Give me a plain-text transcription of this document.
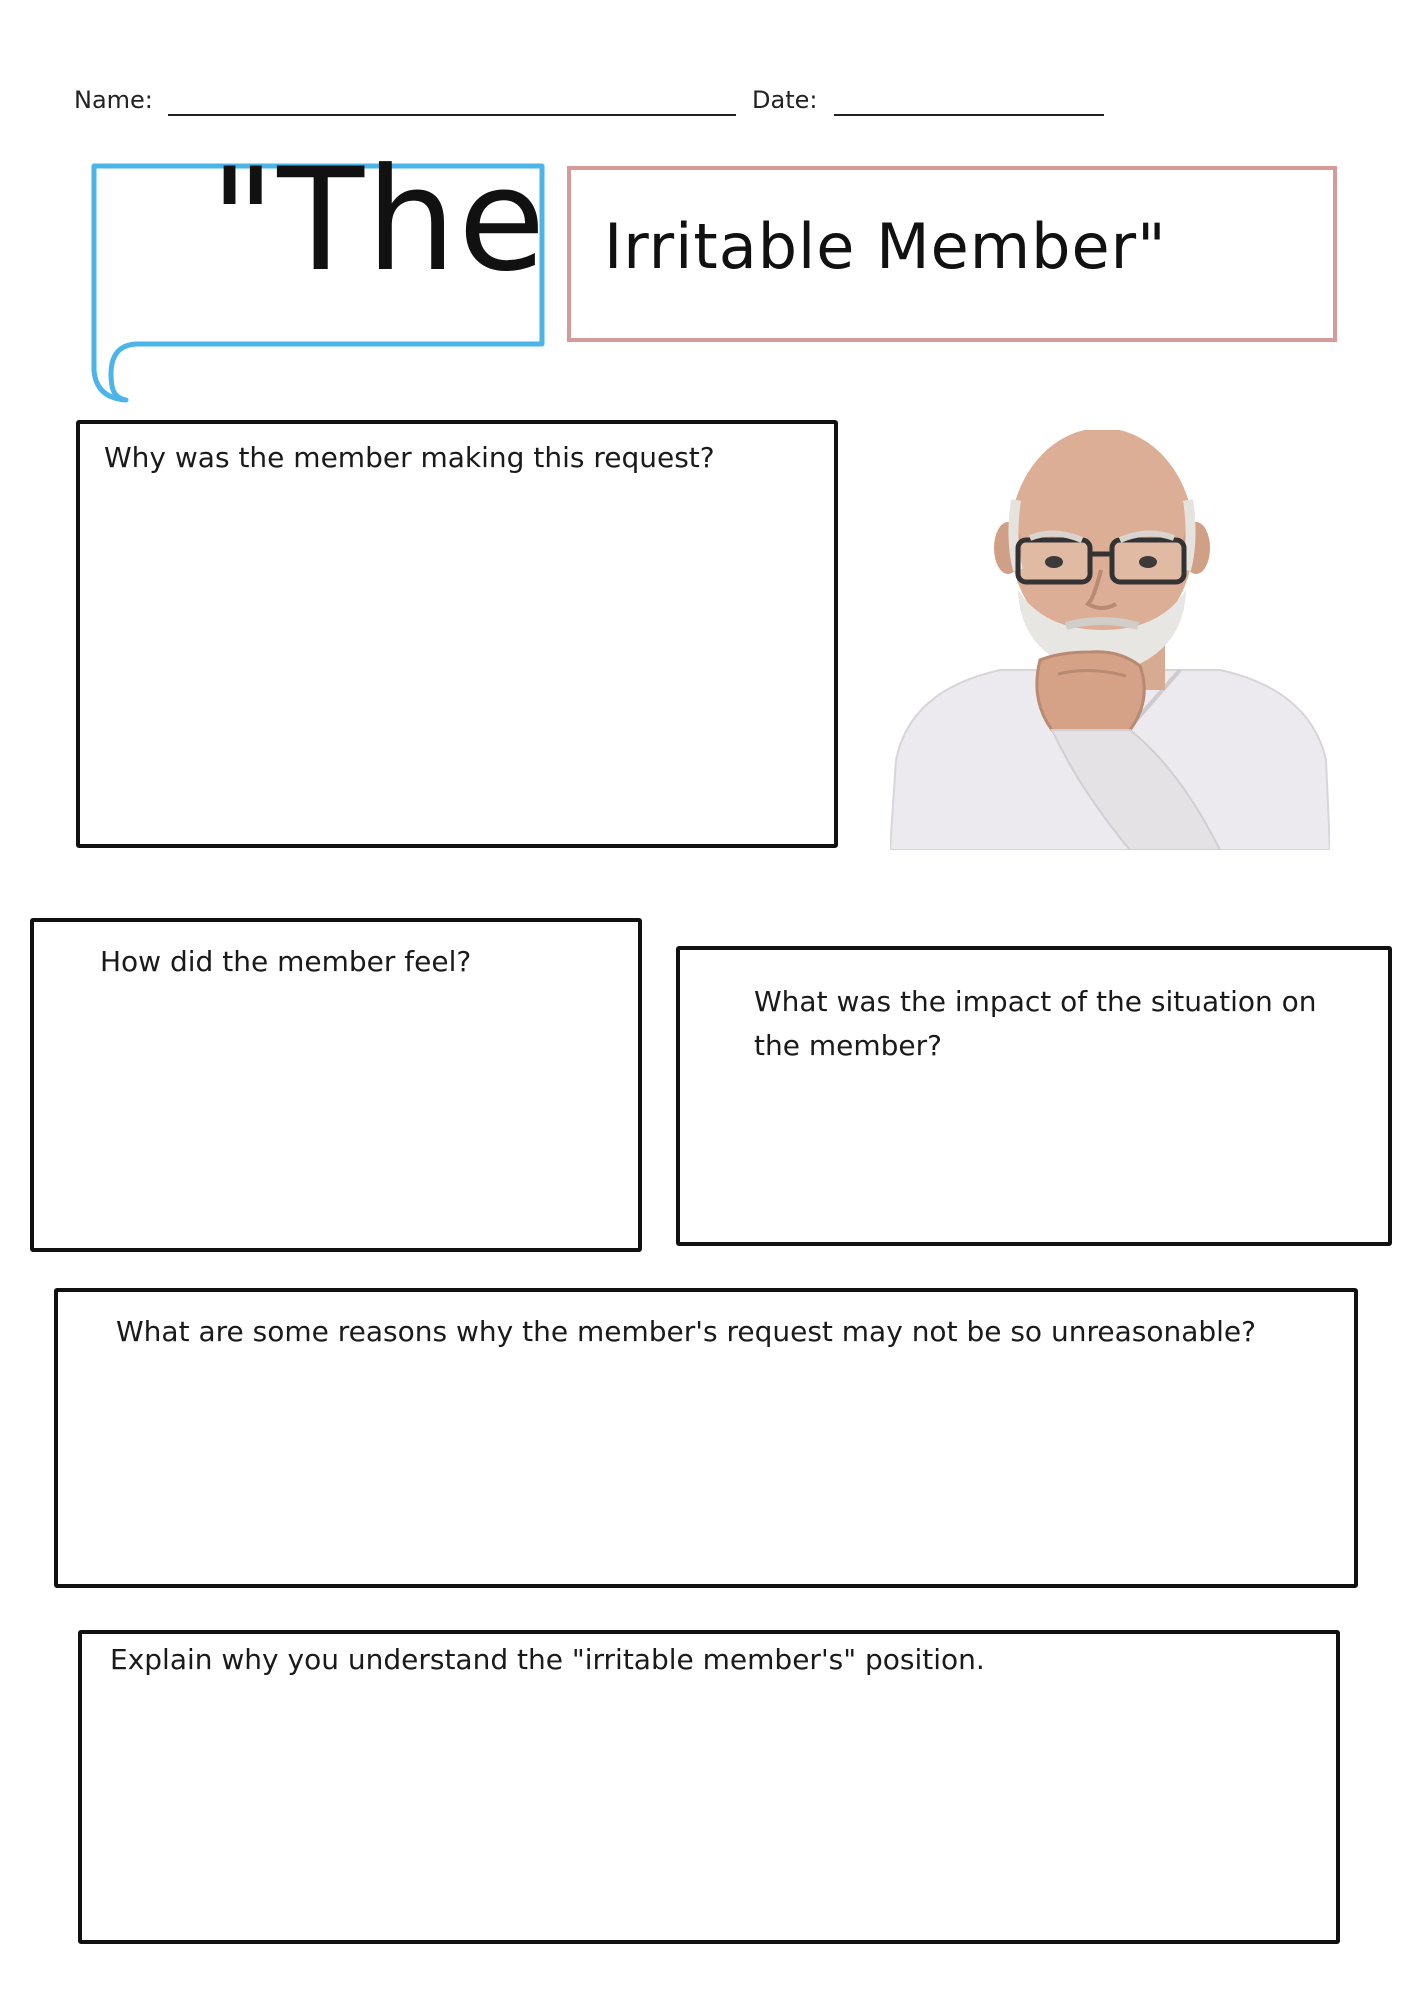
Name:	Date:
"The Irritable Member"
Why was the member making this request?
How did the member feel?
What was the impact of the situation on
the member?
What are some reasons why the member's request may not be so unreasonable?
Explain why you understand the "irritable member's" position.
